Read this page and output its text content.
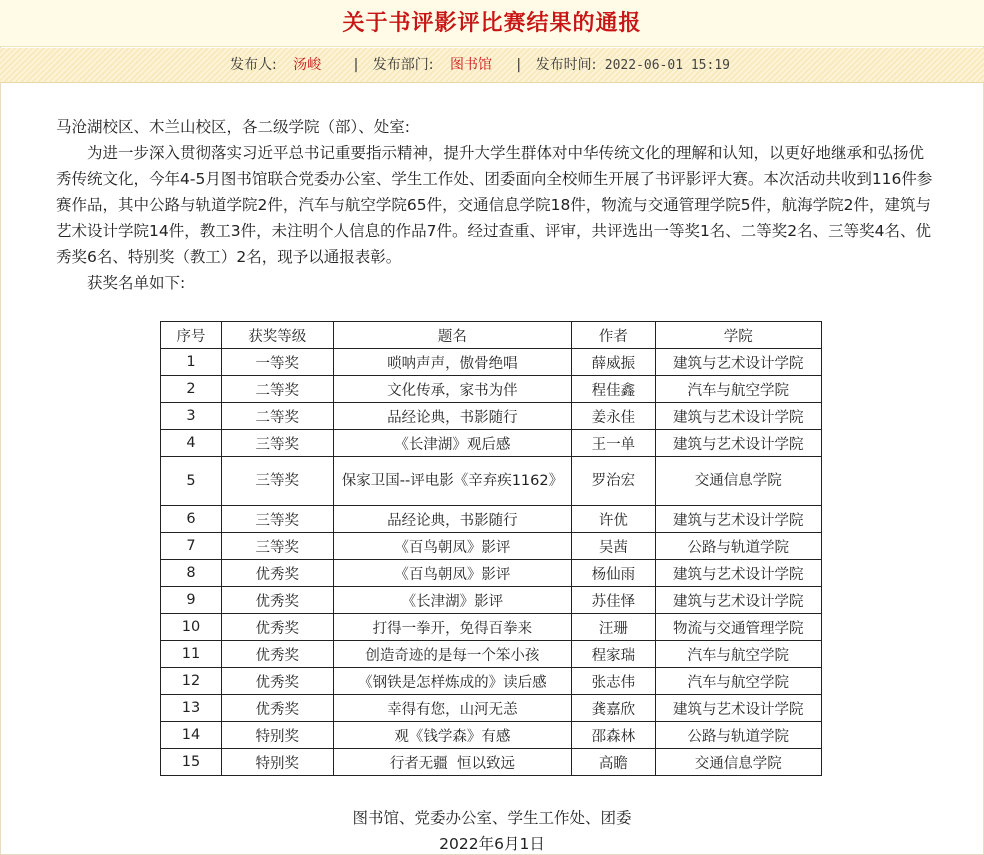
关于书评影评比赛结果的通报
发布人: 汤峻 | 发布部门: 图书馆 | 发布时间: 2022-06-01 15:19

马沧湖校区、木兰山校区，各二级学院（部）、处室:

为进一步深入贯彻落实习近平总书记重要指示精神，提升大学生群体对中华传统文化的理解和认知，以更好地继承和弘扬优秀传统文化，今年4-5月图书馆联合党委办公室、学生工作处、团委面向全校师生开展了书评影评大赛。本次活动共收到116件参赛作品，其中公路与轨道学院2件，汽车与航空学院65件，交通信息学院18件，物流与交通管理学院5件，航海学院2件，建筑与艺术设计学院14件，教工3件，未注明个人信息的作品7件。经过查重、评审，共评选出一等奖1名、二等奖2名、三等奖4名、优秀奖6名、特别奖（教工）2名，现予以通报表彰。

获奖名单如下:

序号	获奖等级	题名	作者	学院
1	一等奖	唢呐声声，傲骨绝唱	薛威振	建筑与艺术设计学院
2	二等奖	文化传承，家书为伴	程佳鑫	汽车与航空学院
3	二等奖	品经论典，书影随行	姜永佳	建筑与艺术设计学院
4	三等奖	《长津湖》观后感	王一单	建筑与艺术设计学院
5	三等奖	保家卫国--评电影《辛弃疾1162》	罗治宏	交通信息学院
6	三等奖	品经论典，书影随行	许优	建筑与艺术设计学院
7	三等奖	《百鸟朝凤》影评	吴茜	公路与轨道学院
8	优秀奖	《百鸟朝凤》影评	杨仙雨	建筑与艺术设计学院
9	优秀奖	《长津湖》影评	苏佳怿	建筑与艺术设计学院
10	优秀奖	打得一拳开，免得百拳来	汪珊	物流与交通管理学院
11	优秀奖	创造奇迹的是每一个笨小孩	程家瑞	汽车与航空学院
12	优秀奖	《钢铁是怎样炼成的》读后感	张志伟	汽车与航空学院
13	优秀奖	幸得有您，山河无恙	龚嘉欣	建筑与艺术设计学院
14	特别奖	观《钱学森》有感	邵森林	公路与轨道学院
15	特别奖	行者无疆  恒以致远	高瞻	交通信息学院
图书馆、党委办公室、学生工作处、团委
2022年6月1日
